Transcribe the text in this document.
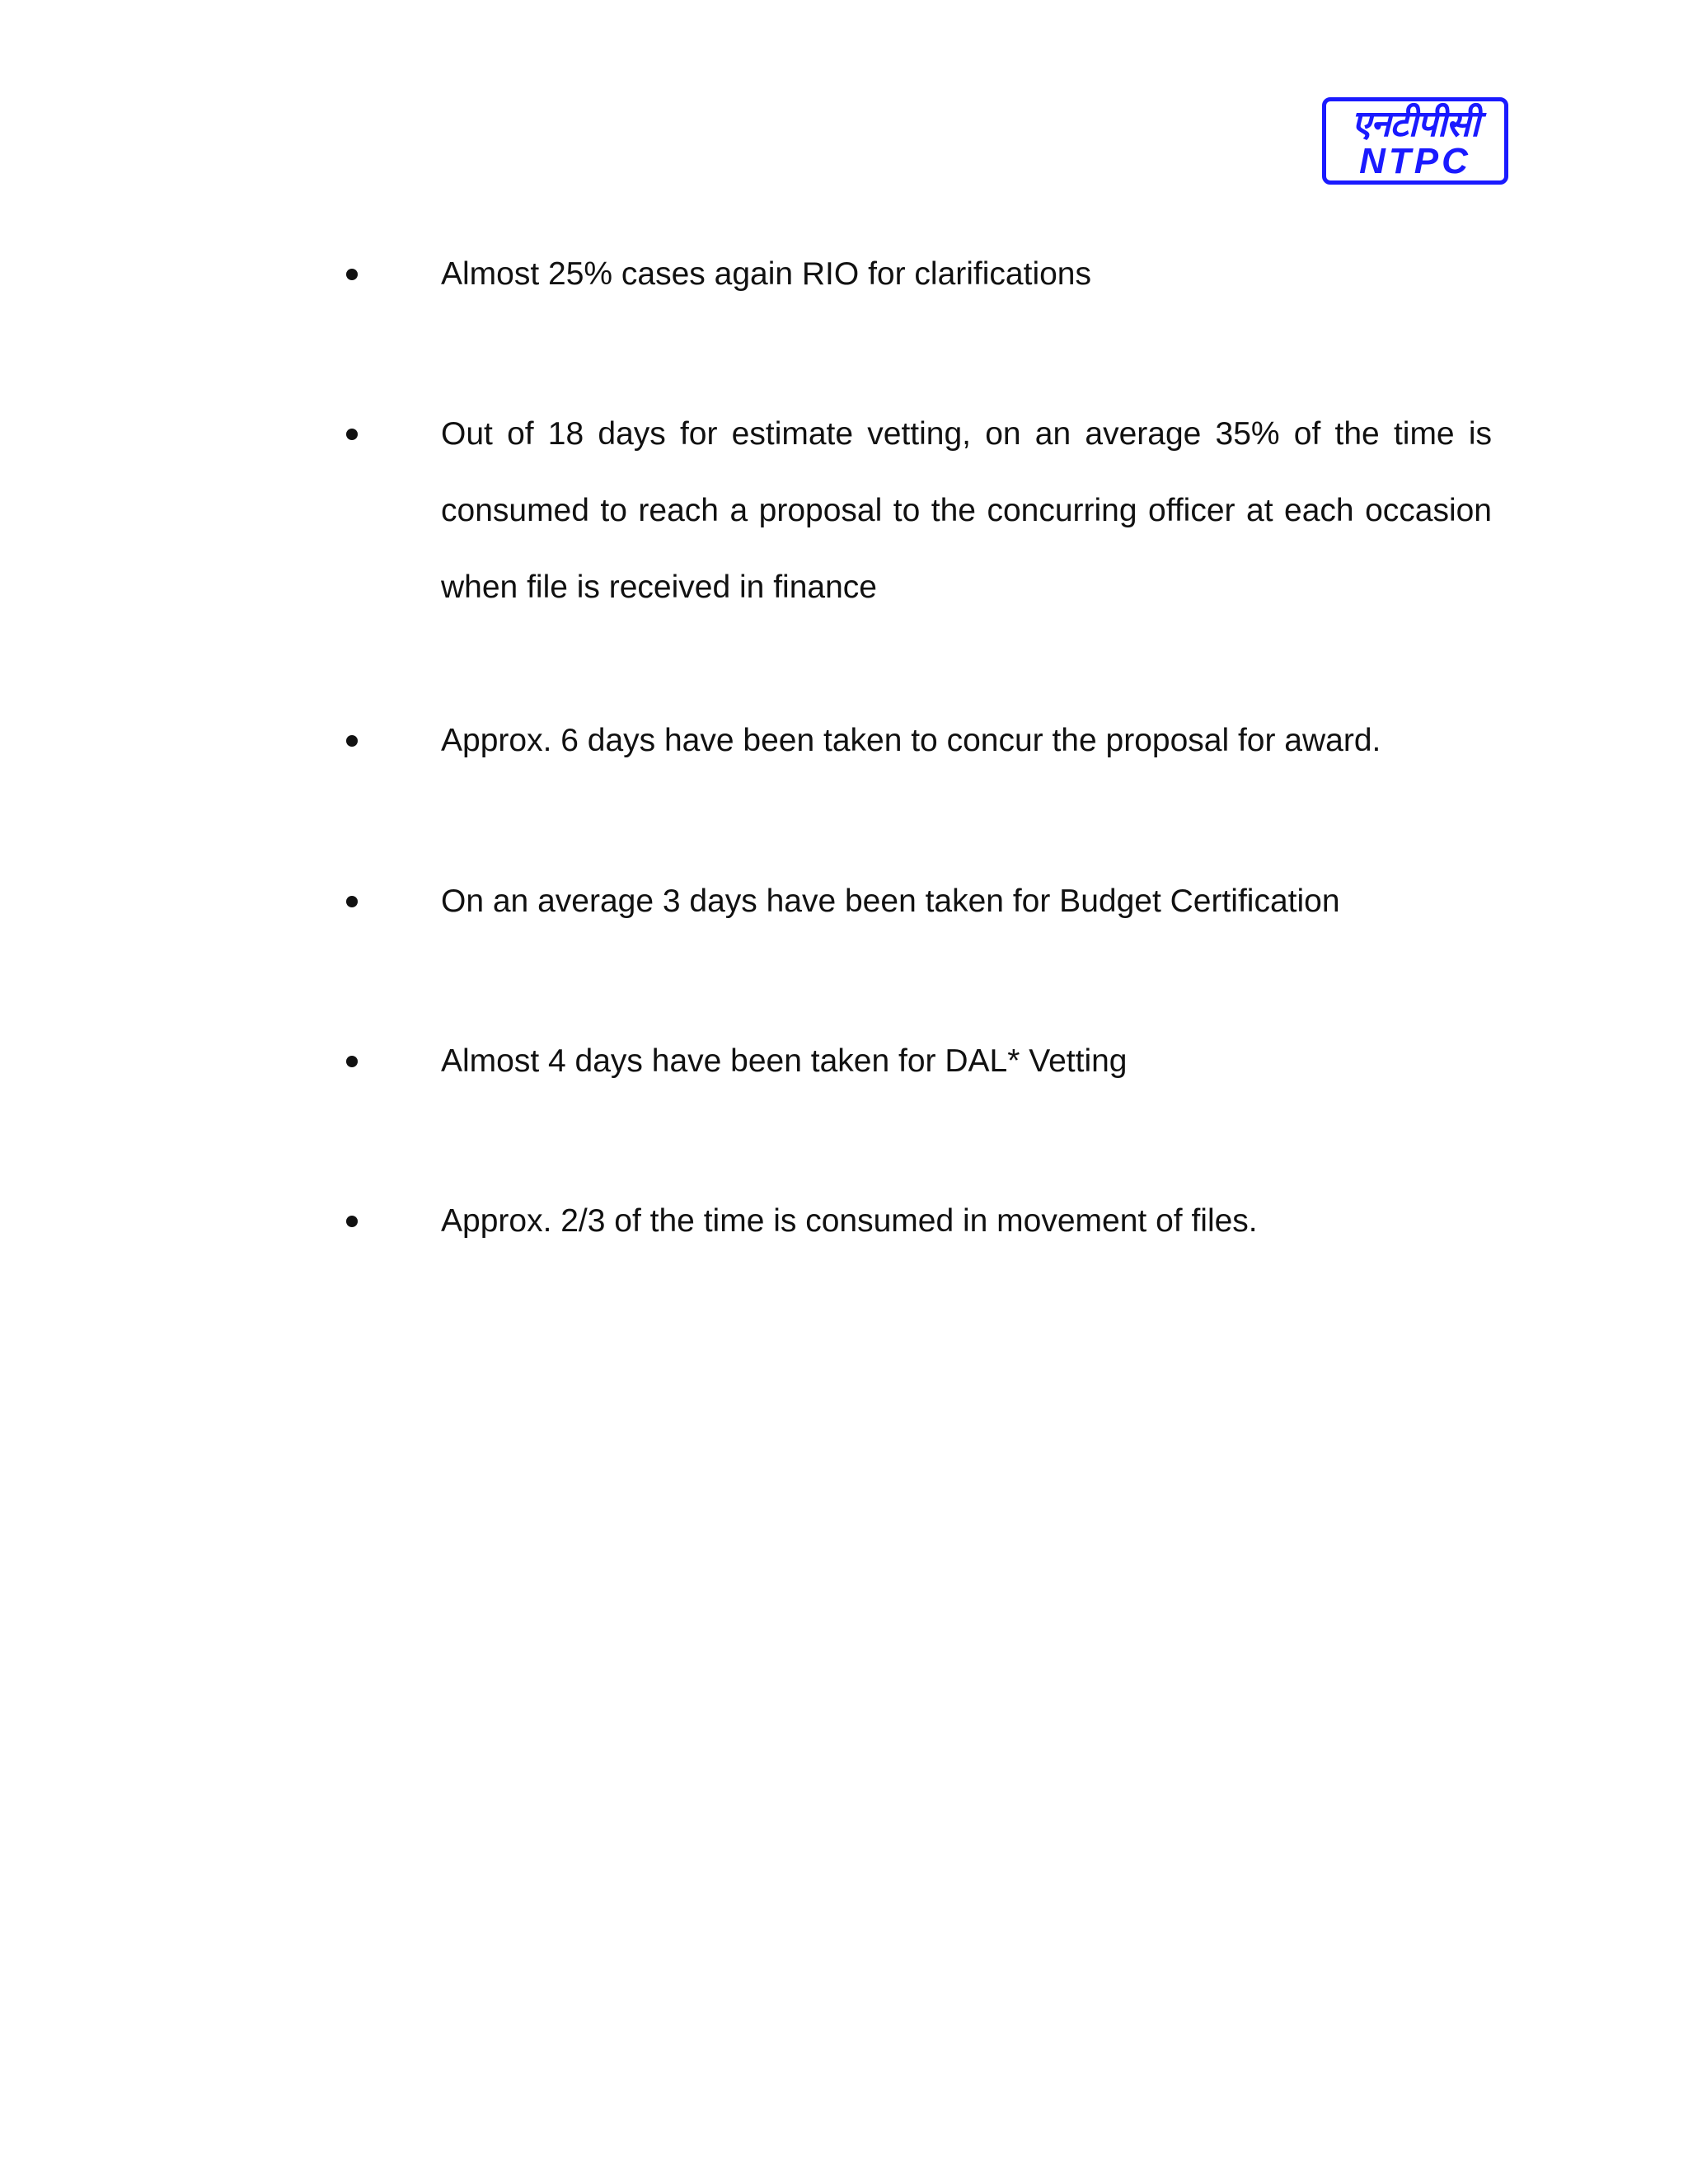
एनटीपीसी
NTPC
Almost 25% cases again RIO for clarifications
Out of 18 days for estimate vetting, on an average 35% of the time is consumed to reach a proposal to the concurring officer at each occasion when file is received in finance
Approx. 6 days have been taken to concur the proposal for award.
On an average 3 days have been taken for Budget Certification
Almost 4 days have been taken for DAL* Vetting
Approx. 2/3 of the time is consumed in movement of files.
